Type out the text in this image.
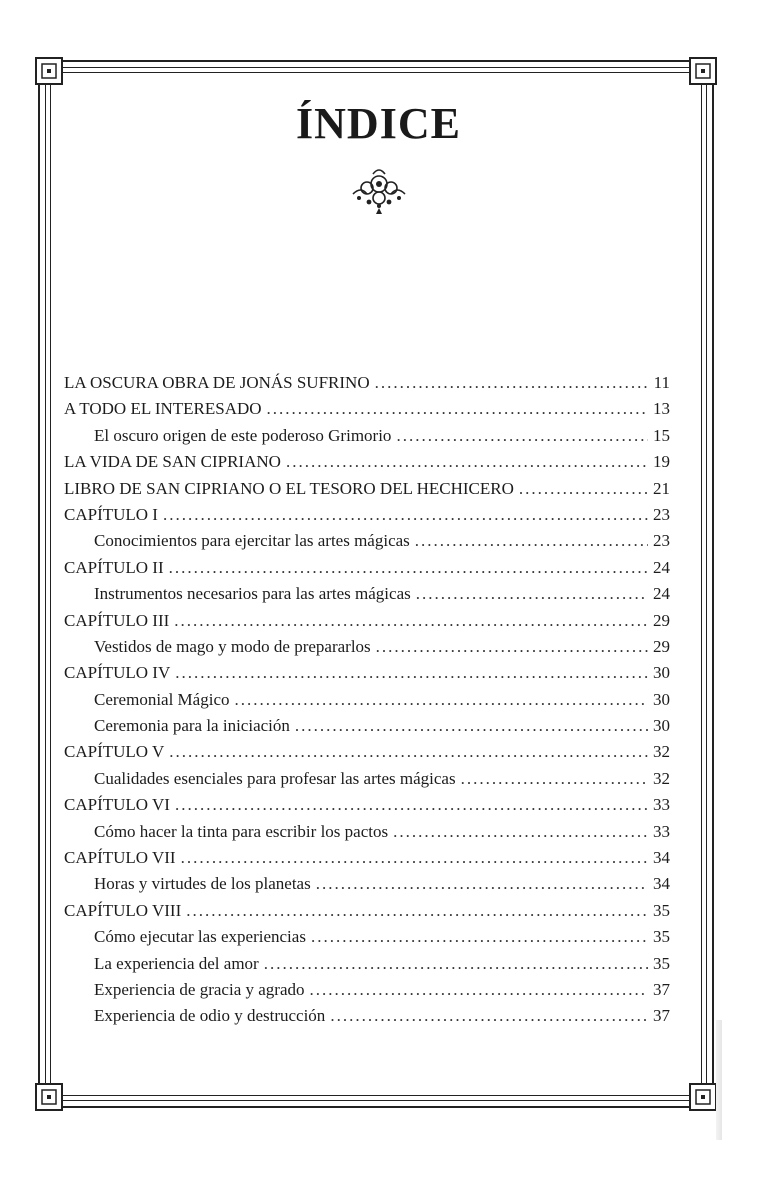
ÍNDICE
LA OSCURA OBRA DE JONÁS SUFRINO .....	11
A TODO EL INTERESADO .....	13
El oscuro origen de este poderoso Grimorio .....	15
LA VIDA DE SAN CIPRIANO .....	19
LIBRO DE SAN CIPRIANO O EL TESORO DEL HECHICERO .....	21
CAPÍTULO I .....	23
Conocimientos para ejercitar las artes mágicas .....	23
CAPÍTULO II .....	24
Instrumentos necesarios para las artes mágicas .....	24
CAPÍTULO III .....	29
Vestidos de mago y modo de prepararlos .....	29
CAPÍTULO IV .....	30
Ceremonial Mágico .....	30
Ceremonia para la iniciación .....	30
CAPÍTULO V .....	32
Cualidades esenciales para profesar las artes mágicas .....	32
CAPÍTULO VI .....	33
Cómo hacer la tinta para escribir los pactos .....	33
CAPÍTULO VII .....	34
Horas y virtudes de los planetas .....	34
CAPÍTULO VIII .....	35
Cómo ejecutar las experiencias .....	35
La experiencia del amor .....	35
Experiencia de gracia y agrado .....	37
Experiencia de odio y destrucción .....	37
